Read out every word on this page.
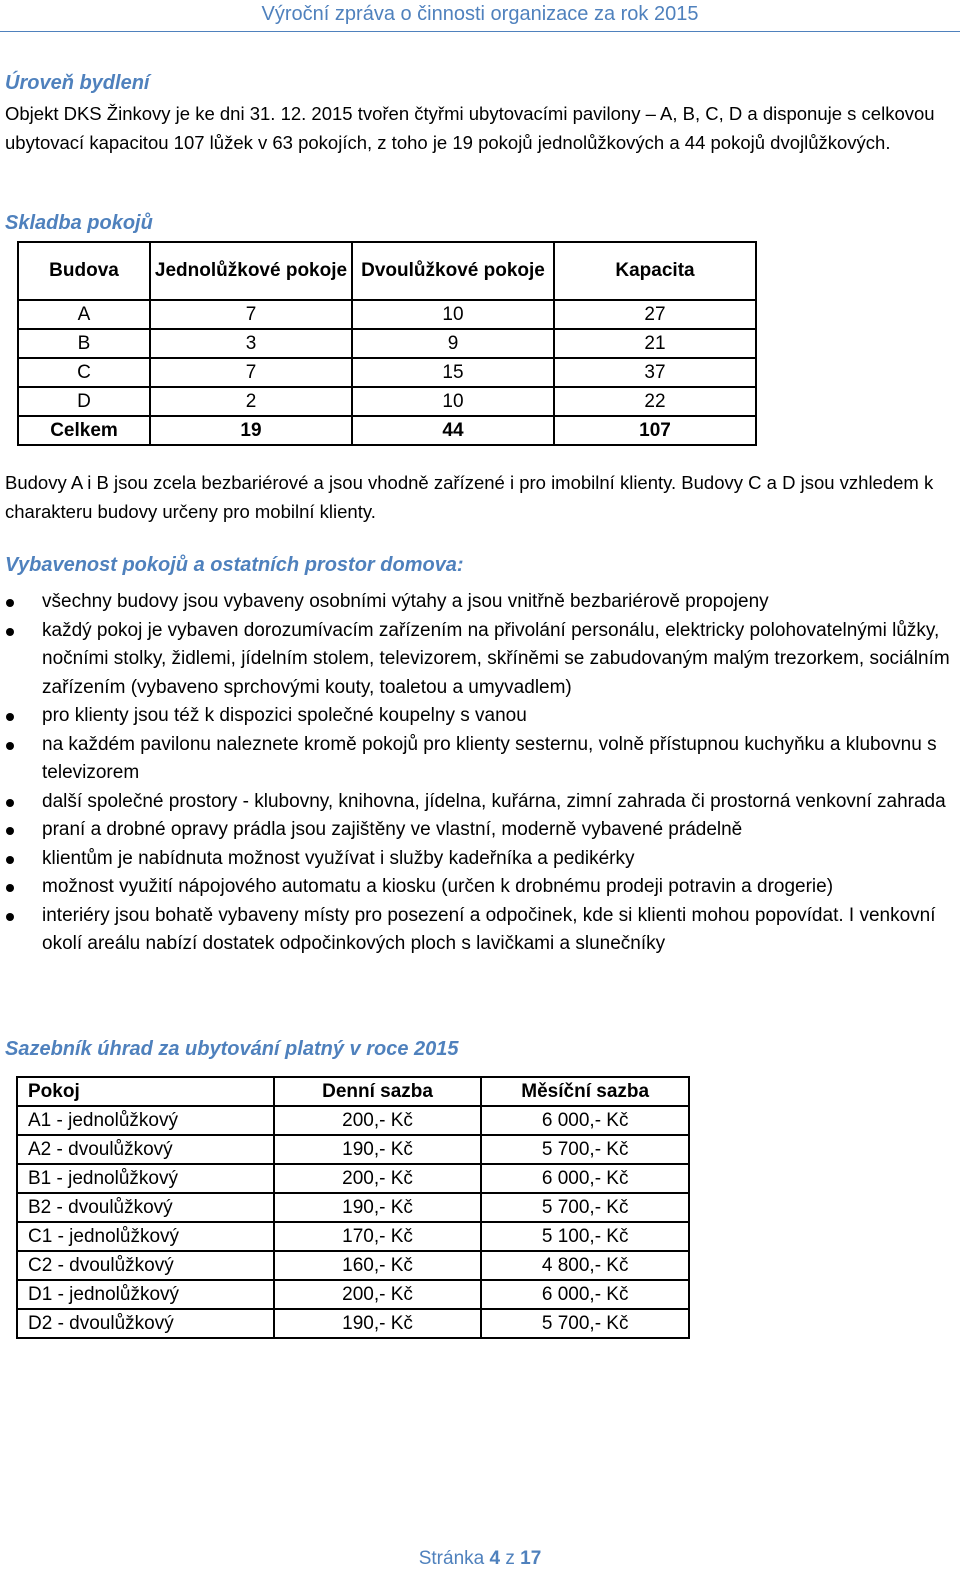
Výroční zpráva o činnosti organizace za rok 2015
Úroveň bydlení

Objekt DKS Žinkovy je ke dni 31. 12. 2015 tvořen čtyřmi ubytovacími pavilony – A, B, C, D a disponuje s celkovou ubytovací kapacitou 107 lůžek v 63 pokojích, z toho je 19 pokojů jednolůžkových a 44 pokojů dvojlůžkových.

Skladba pokojů
Budova	Jednolůžkové pokoje	Dvoulůžkové pokoje	Kapacita
A	7	10	27
B	3	9	21
C	7	15	37
D	2	10	22
Celkem	19	44	107

Budovy A i B jsou zcela bezbariérové a jsou vhodně zařízené i pro imobilní klienty. Budovy C a D jsou vzhledem k charakteru budovy určeny pro mobilní klienty.

Vybavenost pokojů a ostatních prostor domova:
všechny budovy jsou vybaveny osobními výtahy a jsou vnitřně bezbariérově propojeny
každý pokoj je vybaven dorozumívacím zařízením na přivolání personálu, elektricky polohovatelnými lůžky, nočními stolky, židlemi, jídelním stolem, televizorem, skříněmi se zabudovaným malým trezorkem, sociálním zařízením (vybaveno sprchovými kouty, toaletou a umyvadlem)
pro klienty jsou též k dispozici společné koupelny s vanou
na každém pavilonu naleznete kromě pokojů pro klienty sesternu, volně přístupnou kuchyňku a klubovnu s televizorem
další společné prostory - klubovny, knihovna, jídelna, kuřárna, zimní zahrada či prostorná venkovní zahrada
praní a drobné opravy prádla jsou zajištěny ve vlastní, moderně vybavené prádelně
klientům je nabídnuta možnost využívat i služby kadeřníka a pedikérky
možnost využití nápojového automatu a kiosku (určen k drobnému prodeji potravin a drogerie)
interiéry jsou bohatě vybaveny místy pro posezení a odpočinek, kde si klienti mohou popovídat. I venkovní okolí areálu nabízí dostatek odpočinkových ploch s lavičkami a slunečníky
Sazebník úhrad za ubytování platný v roce 2015
Pokoj	Denní sazba	Měsíční sazba
A1 - jednolůžkový	200,- Kč	6 000,- Kč
A2 - dvoulůžkový	190,- Kč	5 700,- Kč
B1 - jednolůžkový	200,- Kč	6 000,- Kč
B2 - dvoulůžkový	190,- Kč	5 700,- Kč
C1 - jednolůžkový	170,- Kč	5 100,- Kč
C2 - dvoulůžkový	160,- Kč	4 800,- Kč
D1 - jednolůžkový	200,- Kč	6 000,- Kč
D2 - dvoulůžkový	190,- Kč	5 700,- Kč
Stránka 4 z 17
